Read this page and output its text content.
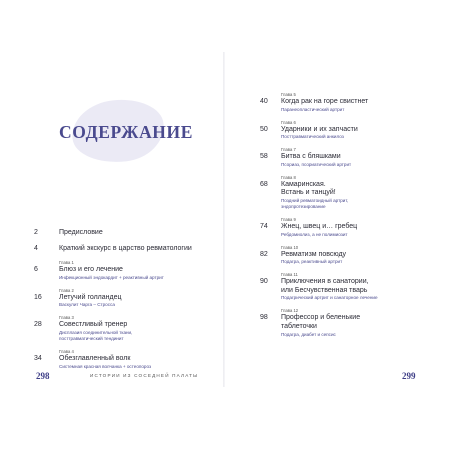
СОДЕРЖАНИЕ
2	Предисловие
4	Краткий экскурс в царство ревматологии
Глава 1
6	Блюз и его лечение
Инфекционный эндокардит + реактивный артрит
Глава 2
16 Летучий голландец
Васкулит Чарга – Стросса
Глава 3
28 Совестливый тренер
Дисплазия соединительной ткани,
посттравматический тендинит
Глава 4
34 Обезглавленный волк
Системная красная волчанка + остеопороз
Глава 5
40 Когда рак на горе свистнет
Паранеопластический артрит
Глава 6
50 Ударники и их запчасти
Посттравматический анкилоз
Глава 7
58 Битва с бляшками
Псориаз, псориатический артрит
Глава 8
68 Камаринская.
Встань и танцуй!
Поздний ревматоидный артрит,
эндопротезирование
Глава 9
74 Жнец, швец и… гребец
Ребдомиолиз, а не полимиозит
Глава 10
82 Ревматизм повсюду
Подагра, реактивный артрит
Глава 11
90 Приключения в санатории,
или Бесчувственная тварь
Подагрический артрит и санаторное лечение
Глава 12
98 Профессор и беленькие
таблеточки
Подагра, диабет и сепсис
298	ИСТОРИИ ИЗ СОСЕДНЕЙ ПАЛАТЫ	299
